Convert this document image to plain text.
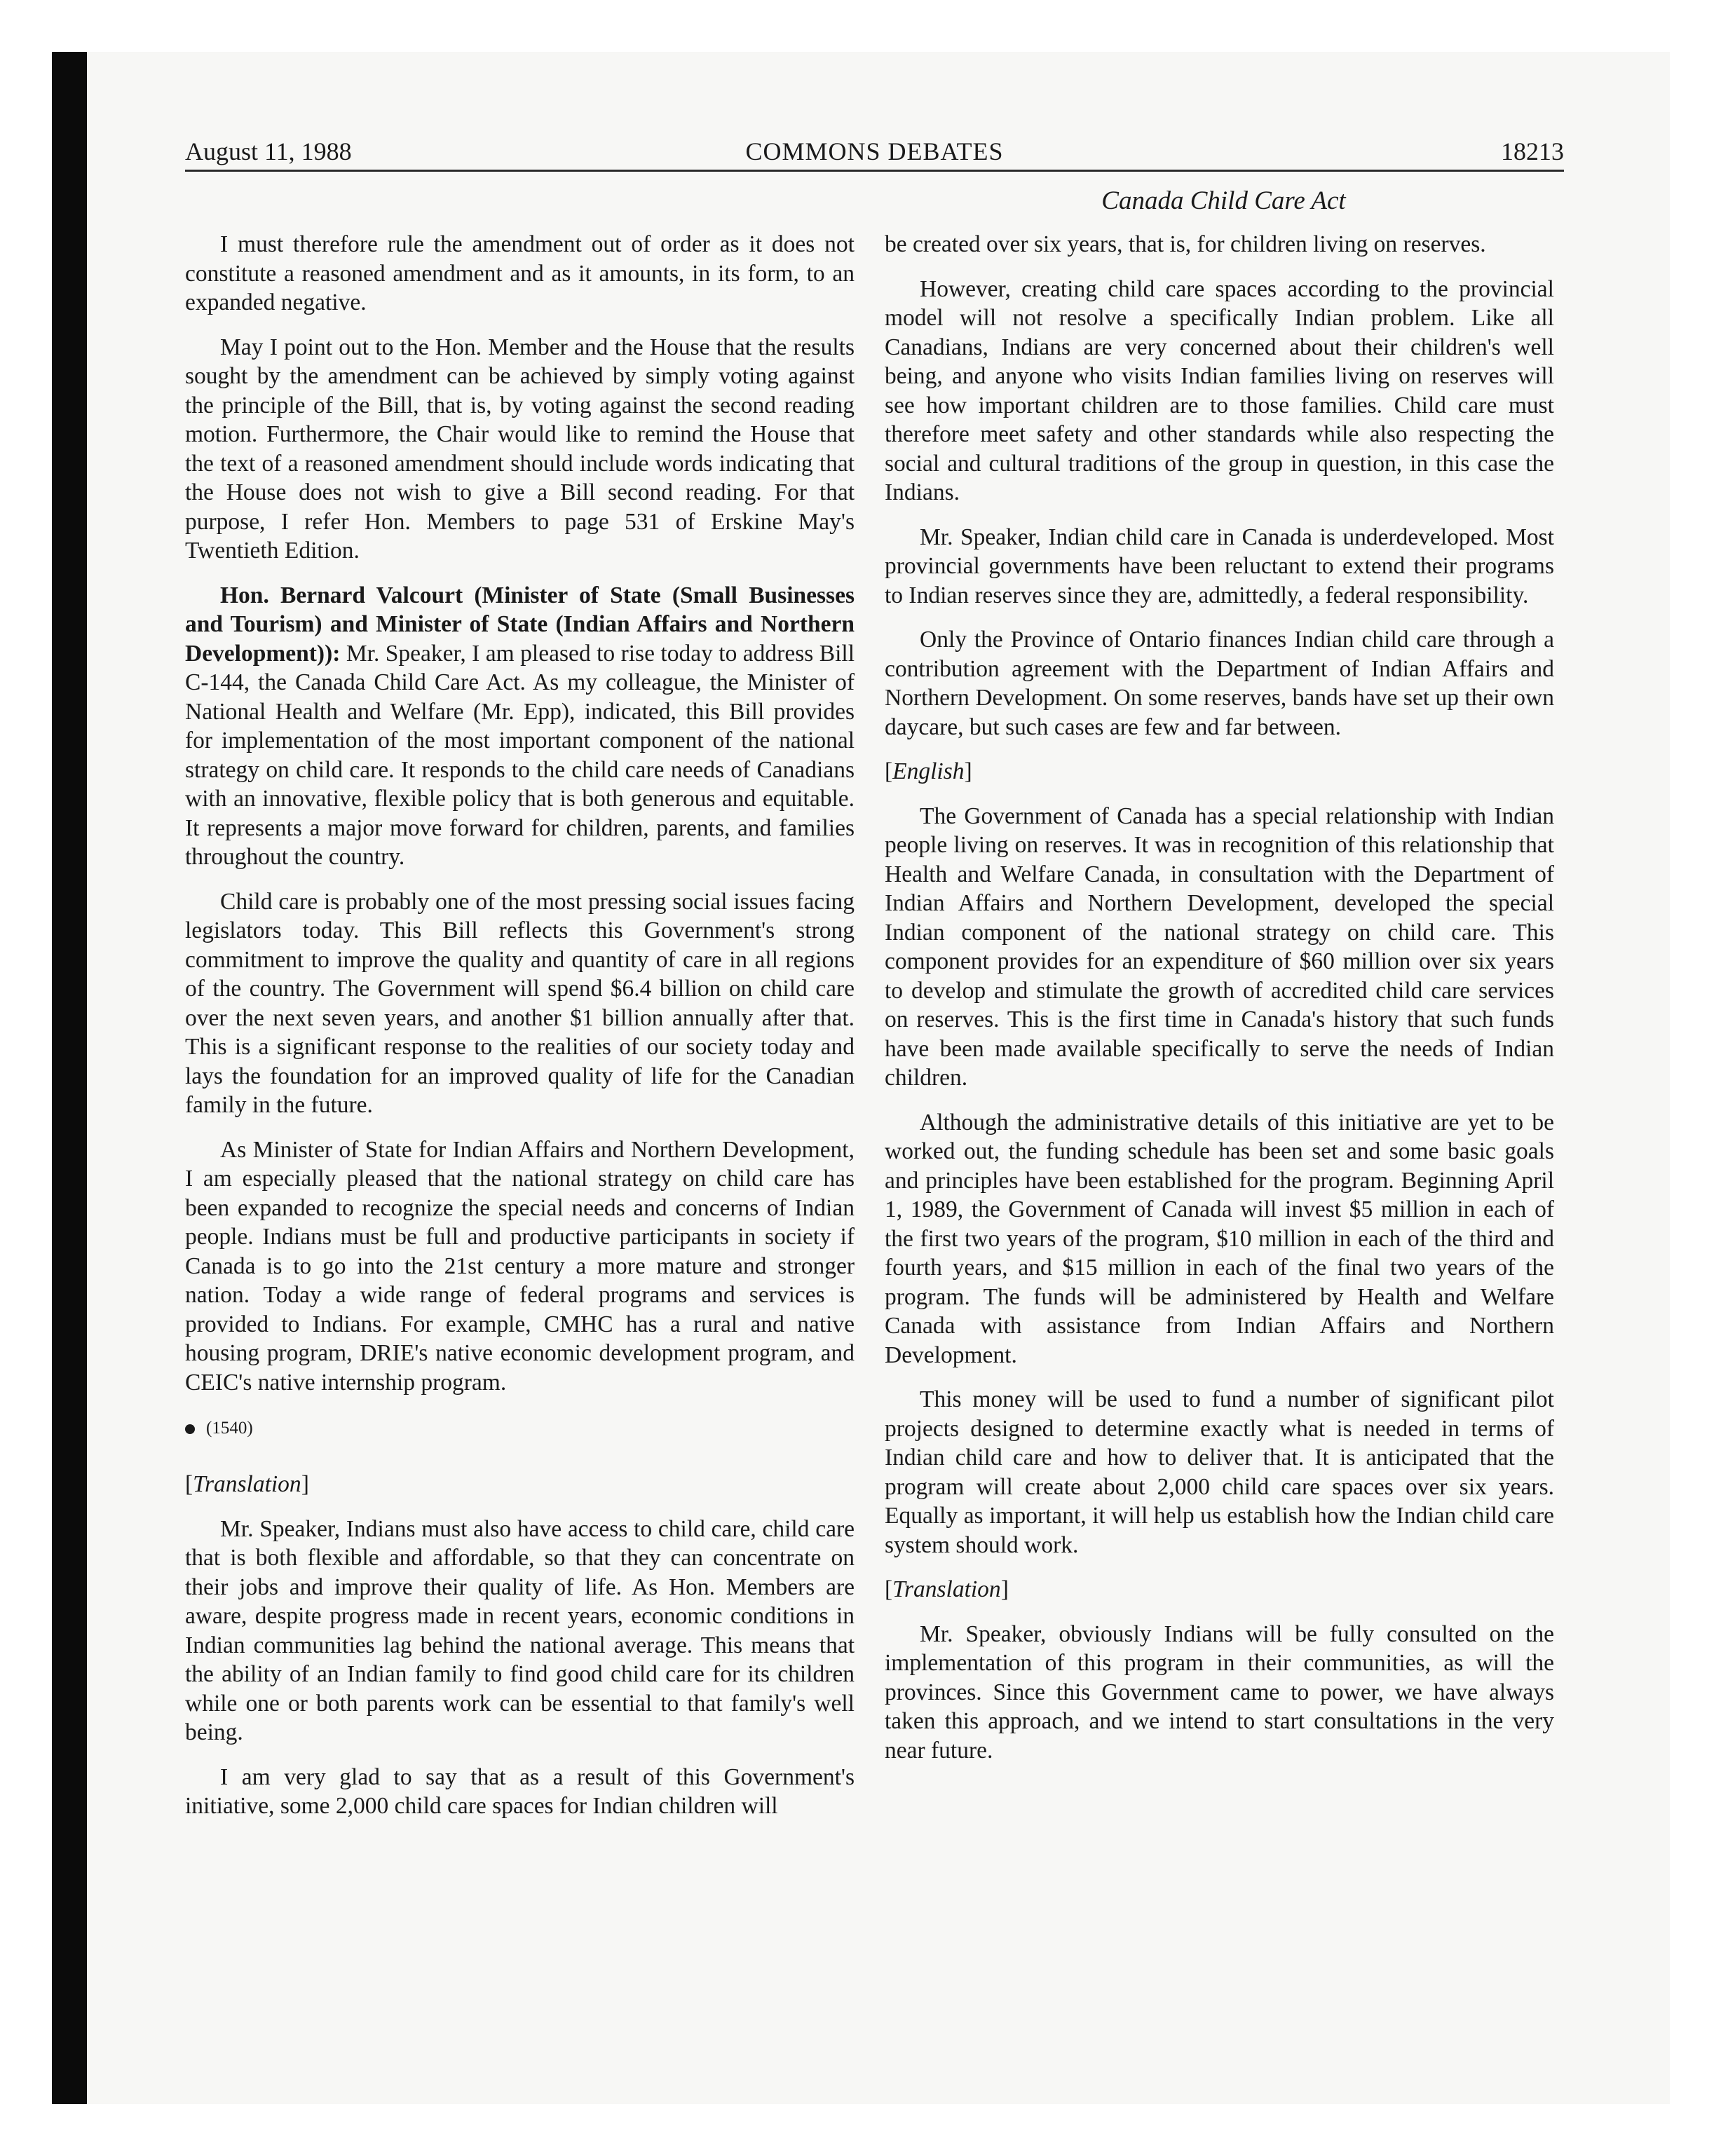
August 11, 1988	COMMONS DEBATES	18213
Canada Child Care Act

I must therefore rule the amendment out of order as it does not constitute a reasoned amendment and as it amounts, in its form, to an expanded negative.

May I point out to the Hon. Member and the House that the results sought by the amendment can be achieved by simply voting against the principle of the Bill, that is, by voting against the second reading motion. Furthermore, the Chair would like to remind the House that the text of a reasoned amendment should include words indicating that the House does not wish to give a Bill second reading. For that purpose, I refer Hon. Members to page 531 of Erskine May's Twentieth Edition.

Hon. Bernard Valcourt (Minister of State (Small Businesses and Tourism) and Minister of State (Indian Affairs and Northern Development)): Mr. Speaker, I am pleased to rise today to address Bill C-144, the Canada Child Care Act. As my colleague, the Minister of National Health and Welfare (Mr. Epp), indicated, this Bill provides for implementation of the most important component of the national strategy on child care. It responds to the child care needs of Canadians with an innovative, flexible policy that is both generous and equitable. It represents a major move forward for children, parents, and families throughout the country.

Child care is probably one of the most pressing social issues facing legislators today. This Bill reflects this Government's strong commitment to improve the quality and quantity of care in all regions of the country. The Government will spend $6.4 billion on child care over the next seven years, and another $1 billion annually after that. This is a significant response to the realities of our society today and lays the foundation for an improved quality of life for the Canadian family in the future.

As Minister of State for Indian Affairs and Northern Development, I am especially pleased that the national strategy on child care has been expanded to recognize the special needs and concerns of Indian people. Indians must be full and productive participants in society if Canada is to go into the 21st century a more mature and stronger nation. Today a wide range of federal programs and services is provided to Indians. For example, CMHC has a rural and native housing program, DRIE's native economic development program, and CEIC's native internship program.

(1540)
[Translation]

Mr. Speaker, Indians must also have access to child care, child care that is both flexible and affordable, so that they can concentrate on their jobs and improve their quality of life. As Hon. Members are aware, despite progress made in recent years, economic conditions in Indian communities lag behind the national average. This means that the ability of an Indian family to find good child care for its children while one or both parents work can be essential to that family's well being.

I am very glad to say that as a result of this Government's initiative, some 2,000 child care spaces for Indian children will

be created over six years, that is, for children living on reserves.

However, creating child care spaces according to the provincial model will not resolve a specifically Indian problem. Like all Canadians, Indians are very concerned about their children's well being, and anyone who visits Indian families living on reserves will see how important children are to those families. Child care must therefore meet safety and other standards while also respecting the social and cultural traditions of the group in question, in this case the Indians.

Mr. Speaker, Indian child care in Canada is underdeveloped. Most provincial governments have been reluctant to extend their programs to Indian reserves since they are, admittedly, a federal responsibility.

Only the Province of Ontario finances Indian child care through a contribution agreement with the Department of Indian Affairs and Northern Development. On some reserves, bands have set up their own daycare, but such cases are few and far between.

[English]

The Government of Canada has a special relationship with Indian people living on reserves. It was in recognition of this relationship that Health and Welfare Canada, in consultation with the Department of Indian Affairs and Northern Development, developed the special Indian component of the national strategy on child care. This component provides for an expenditure of $60 million over six years to develop and stimulate the growth of accredited child care services on reserves. This is the first time in Canada's history that such funds have been made available specifically to serve the needs of Indian children.

Although the administrative details of this initiative are yet to be worked out, the funding schedule has been set and some basic goals and principles have been established for the program. Beginning April 1, 1989, the Government of Canada will invest $5 million in each of the first two years of the program, $10 million in each of the third and fourth years, and $15 million in each of the final two years of the program. The funds will be administered by Health and Welfare Canada with assistance from Indian Affairs and Northern Development.

This money will be used to fund a number of significant pilot projects designed to determine exactly what is needed in terms of Indian child care and how to deliver that. It is anticipated that the program will create about 2,000 child care spaces over six years. Equally as important, it will help us establish how the Indian child care system should work.

[Translation]

Mr. Speaker, obviously Indians will be fully consulted on the implementation of this program in their communities, as will the provinces. Since this Government came to power, we have always taken this approach, and we intend to start consultations in the very near future.
